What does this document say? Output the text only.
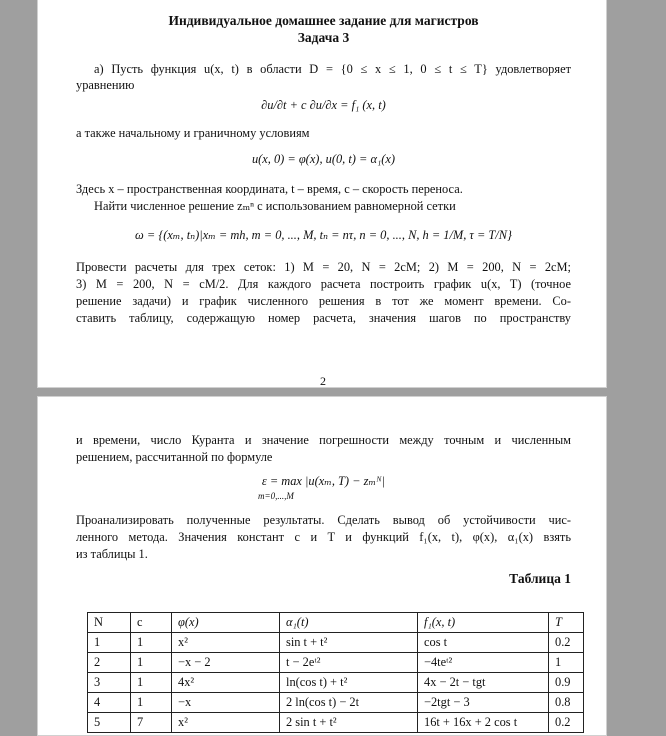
Индивидуальное домашнее задание для магистров
Задача 3
а) Пусть функция u(x, t) в области D = {0 ≤ x ≤ 1, 0 ≤ t ≤ T} удовлетворяет
уравнению
∂u/∂t + c ∂u/∂x = f₁ (x, t)
а также начальному и граничному условиям
u(x, 0) = φ(x), u(0, t) = α₁(x)
Здесь x – пространственная координата, t – время, c – скорость переноса.
Найти численное решение zₘⁿ с использованием равномерной сетки
ω = {(xₘ, tₙ)|xₘ = mh, m = 0, ..., M, tₙ = nτ, n = 0, ..., N, h = 1/M, τ = T/N}
Провести расчеты для трех сеток: 1) M = 20, N = 2cM; 2) M = 200, N = 2cM;
3) M = 200, N = cM/2. Для каждого расчета построить график u(x, T) (точное
решение задачи) и график численного решения в тот же момент времени. Со-
ставить таблицу, содержащую номер расчета, значения шагов по пространству
2
и времени, число Куранта и значение погрешности между точным и численным
решением, рассчитанной по формуле
ε = max |u(xₘ, T) − zₘᴺ|
m=0,...,M
Проанализировать полученные результаты. Сделать вывод об устойчивости чис-
ленного метода. Значения констант c и T и функций f₁(x, t), φ(x), α₁(x) взять
из таблицы 1.
Таблица 1
N	c	φ(x)	α₁(t)	f₁(x, t)	T
1	1	x²	sin t + t²	cos t	0.2
2	1	−x − 2	t − 2eᵗ²	−4teᵗ²	1
3	1	4x²	ln(cos t) + t²	4x − 2t − tgt	0.9
4	1	−x	2 ln(cos t) − 2t	−2tgt − 3	0.8
5	7	x²	2 sin t + t²	16t + 16x + 2 cos t	0.2
